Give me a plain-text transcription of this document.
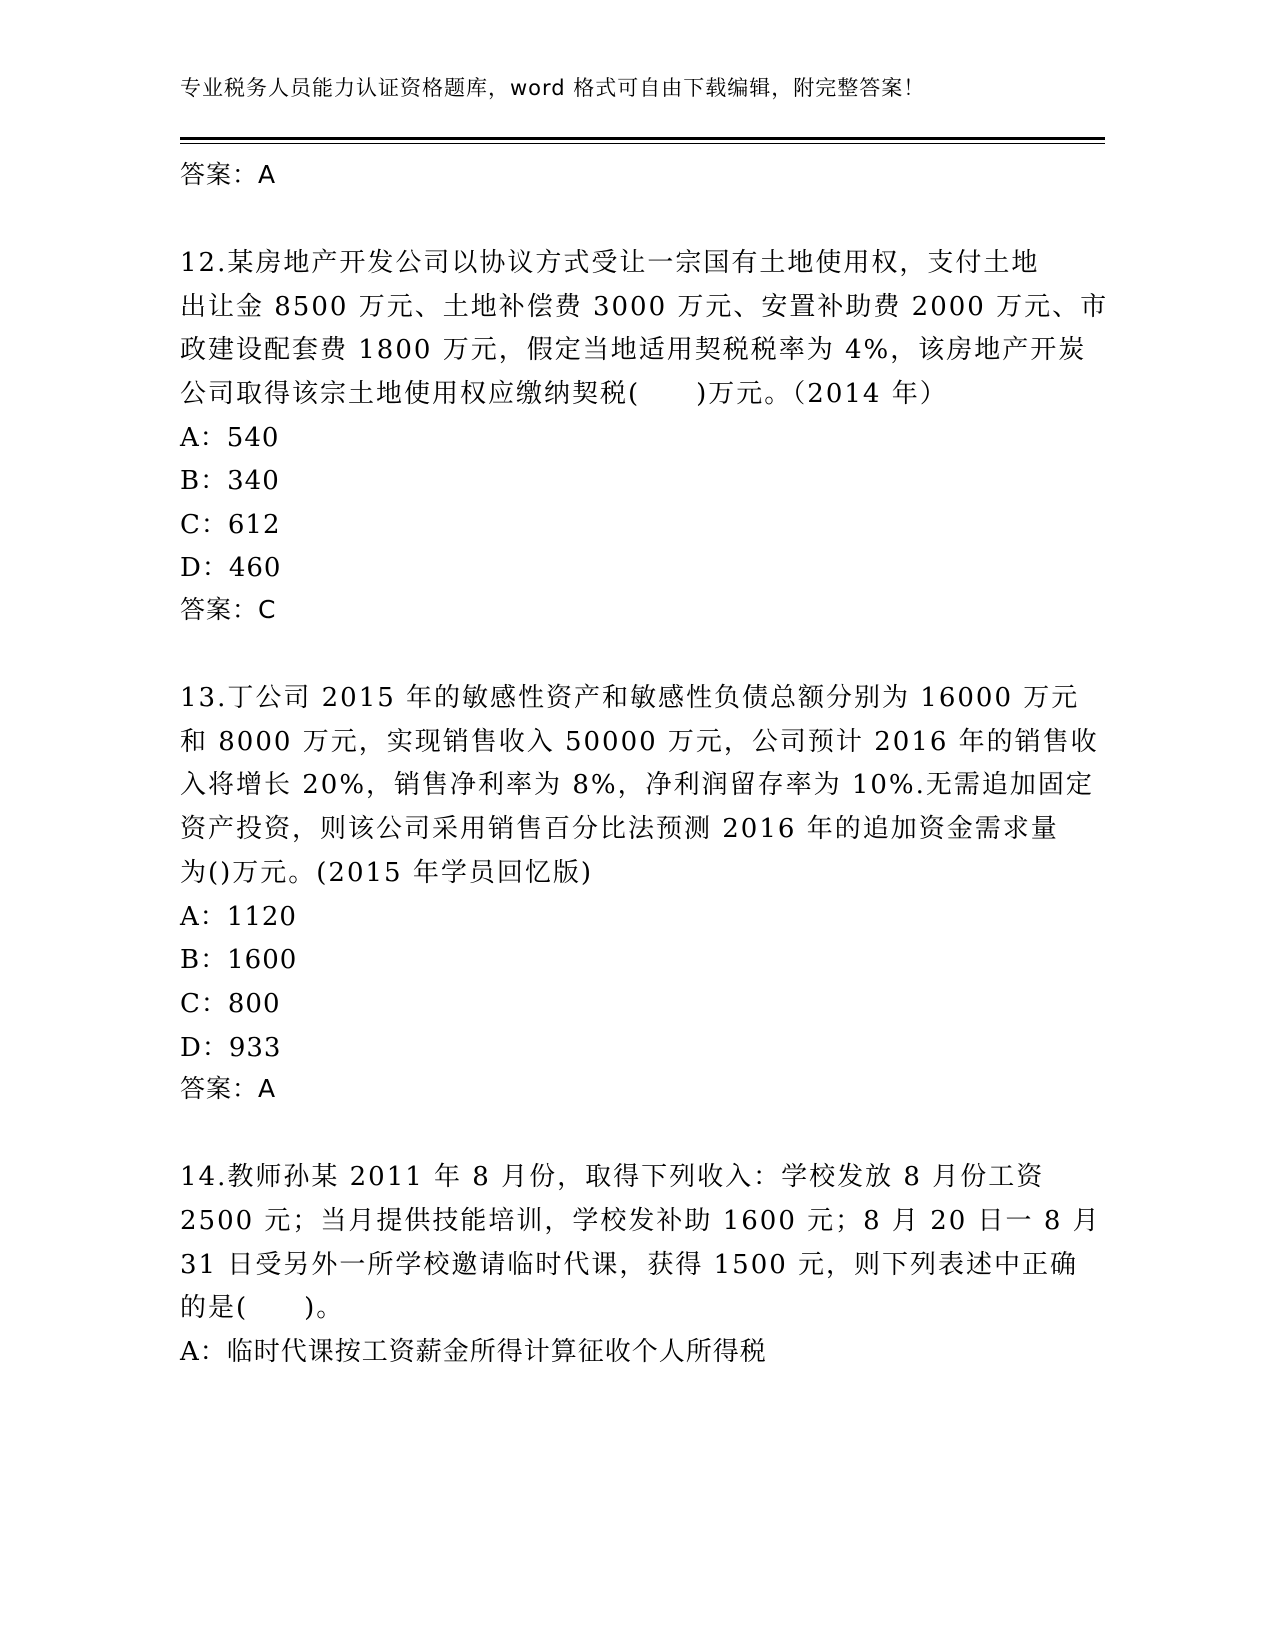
专业税务人员能力认证资格题库，word 格式可自由下载编辑，附完整答案！
答案：A
12.某房地产开发公司以协议方式受让一宗国有土地使用权，支付土地
出让金 8500 万元、土地补偿费 3000 万元、安置补助费 2000 万元、市
政建设配套费 1800 万元，假定当地适用契税税率为 4%，该房地产开炭
公司取得该宗土地使用权应缴纳契税(　　)万元。（2014 年）
A：540
B：340
C：612
D：460
答案：C
13.丁公司 2015 年的敏感性资产和敏感性负债总额分别为 16000 万元
和 8000 万元，实现销售收入 50000 万元，公司预计 2016 年的销售收
入将增长 20%，销售净利率为 8%，净利润留存率为 10%.无需追加固定
资产投资，则该公司采用销售百分比法预测 2016 年的追加资金需求量
为()万元。(2015 年学员回忆版)
A：1120
B：1600
C：800
D：933
答案：A
14.教师孙某 2011 年 8 月份，取得下列收入：学校发放 8 月份工资
2500 元；当月提供技能培训，学校发补助 1600 元；8 月 20 日一 8 月
31 日受另外一所学校邀请临时代课，获得 1500 元，则下列表述中正确
的是(　　)。
A：临时代课按工资薪金所得计算征收个人所得税
